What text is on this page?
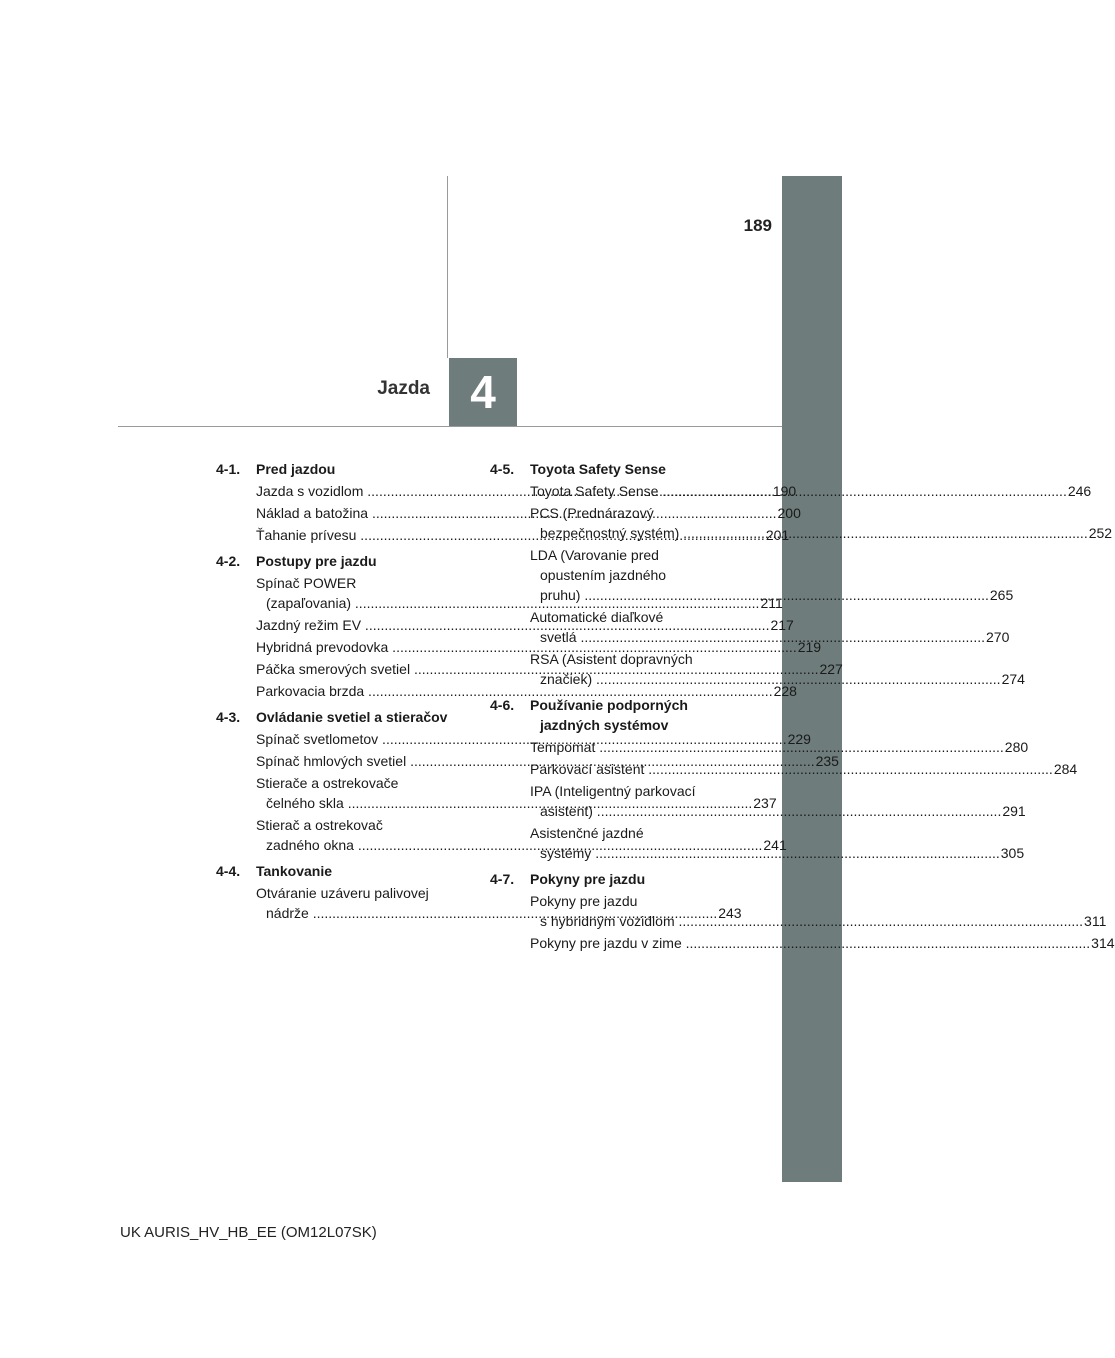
4
Jazda
189
4-1.	Pred jazdou
Jazda s vozidlom .....	190
Náklad a batožina .....	200
Ťahanie prívesu .....	201
4-2.	Postupy pre jazdu
Spínač POWER
(zapaľovania) .....	211
Jazdný režim EV .....	217
Hybridná prevodovka .....	219
Páčka smerových svetiel .....	227
Parkovacia brzda .....	228
4-3.	Ovládanie svetiel a stieračov
Spínač svetlometov .....	229
Spínač hmlových svetiel .....	235
Stierače a ostrekovače
čelného skla .....	237
Stierač a ostrekovač
zadného okna .....	241
4-4.	Tankovanie
Otváranie uzáveru palivovej
nádrže .....	243
4-5.	Toyota Safety Sense
Toyota Safety Sense .....	246
PCS (Prednárazový
bezpečnostný systém) .....	252
LDA (Varovanie pred
opustením jazdného
pruhu) .....	265
Automatické diaľkové
svetlá .....	270
RSA (Asistent dopravných
značiek) .....	274
4-6.	Používanie podporných
jazdných systémov
Tempomat .....	280
Parkovací asistent .....	284
IPA (Inteligentný parkovací
asistent) .....	291
Asistenčné jazdné
systémy .....	305
4-7.	Pokyny pre jazdu
Pokyny pre jazdu
s hybridným vozidlom .....	311
Pokyny pre jazdu v zime .....	314
UK AURIS_HV_HB_EE (OM12L07SK)
